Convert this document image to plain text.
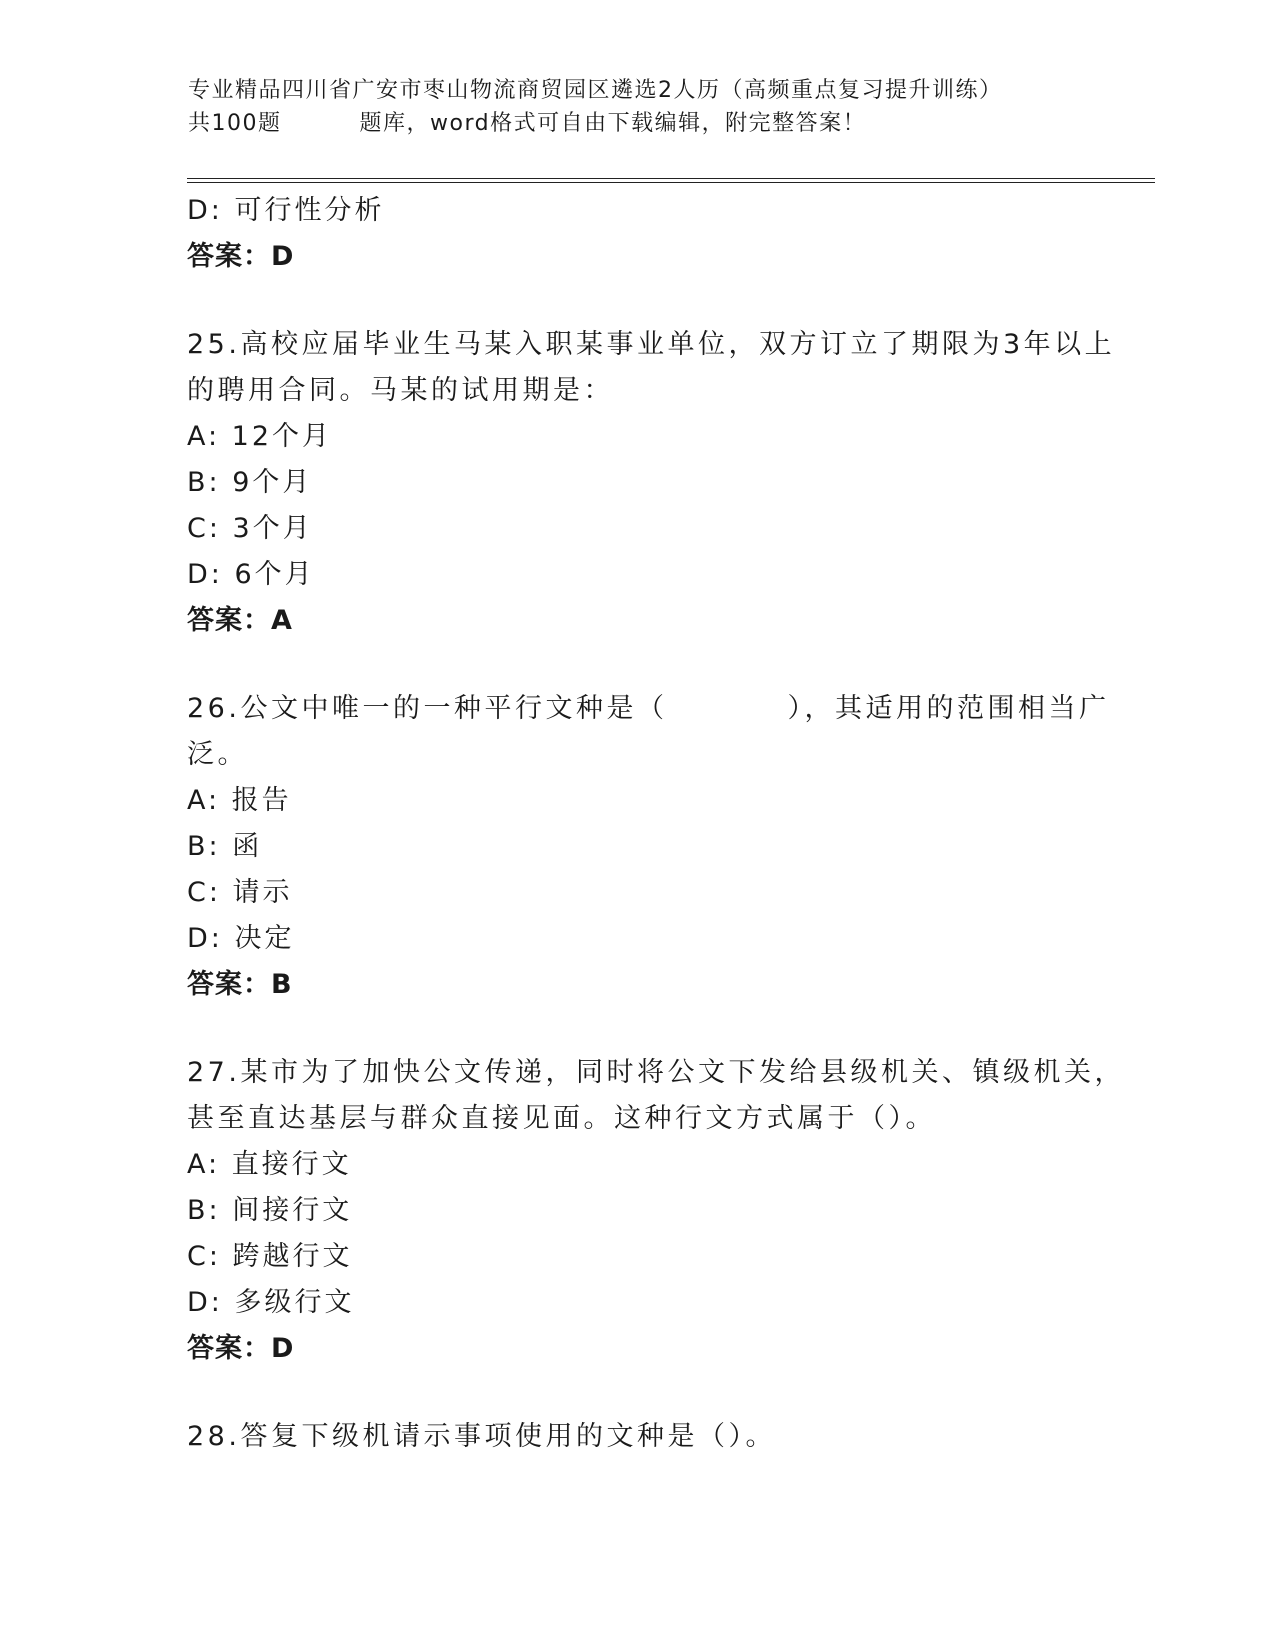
专业精品四川省广安市枣山物流商贸园区遴选2人历（高频重点复习提升训练）
共100题	题库，word格式可自由下载编辑，附完整答案！
D: 可行性分析
答案：D
25.高校应届毕业生马某入职某事业单位，双方订立了期限为3年以上
的聘用合同。马某的试用期是：
A: 12个月
B: 9个月
C: 3个月
D: 6个月
答案：A
26.公文中唯一的一种平行文种是（	），其适用的范围相当广
泛。
A: 报告
B: 函
C: 请示
D: 决定
答案：B
27.某市为了加快公文传递，同时将公文下发给县级机关、镇级机关，
甚至直达基层与群众直接见面。这种行文方式属于（）。
A: 直接行文
B: 间接行文
C: 跨越行文
D: 多级行文
答案：D
28.答复下级机请示事项使用的文种是（）。
